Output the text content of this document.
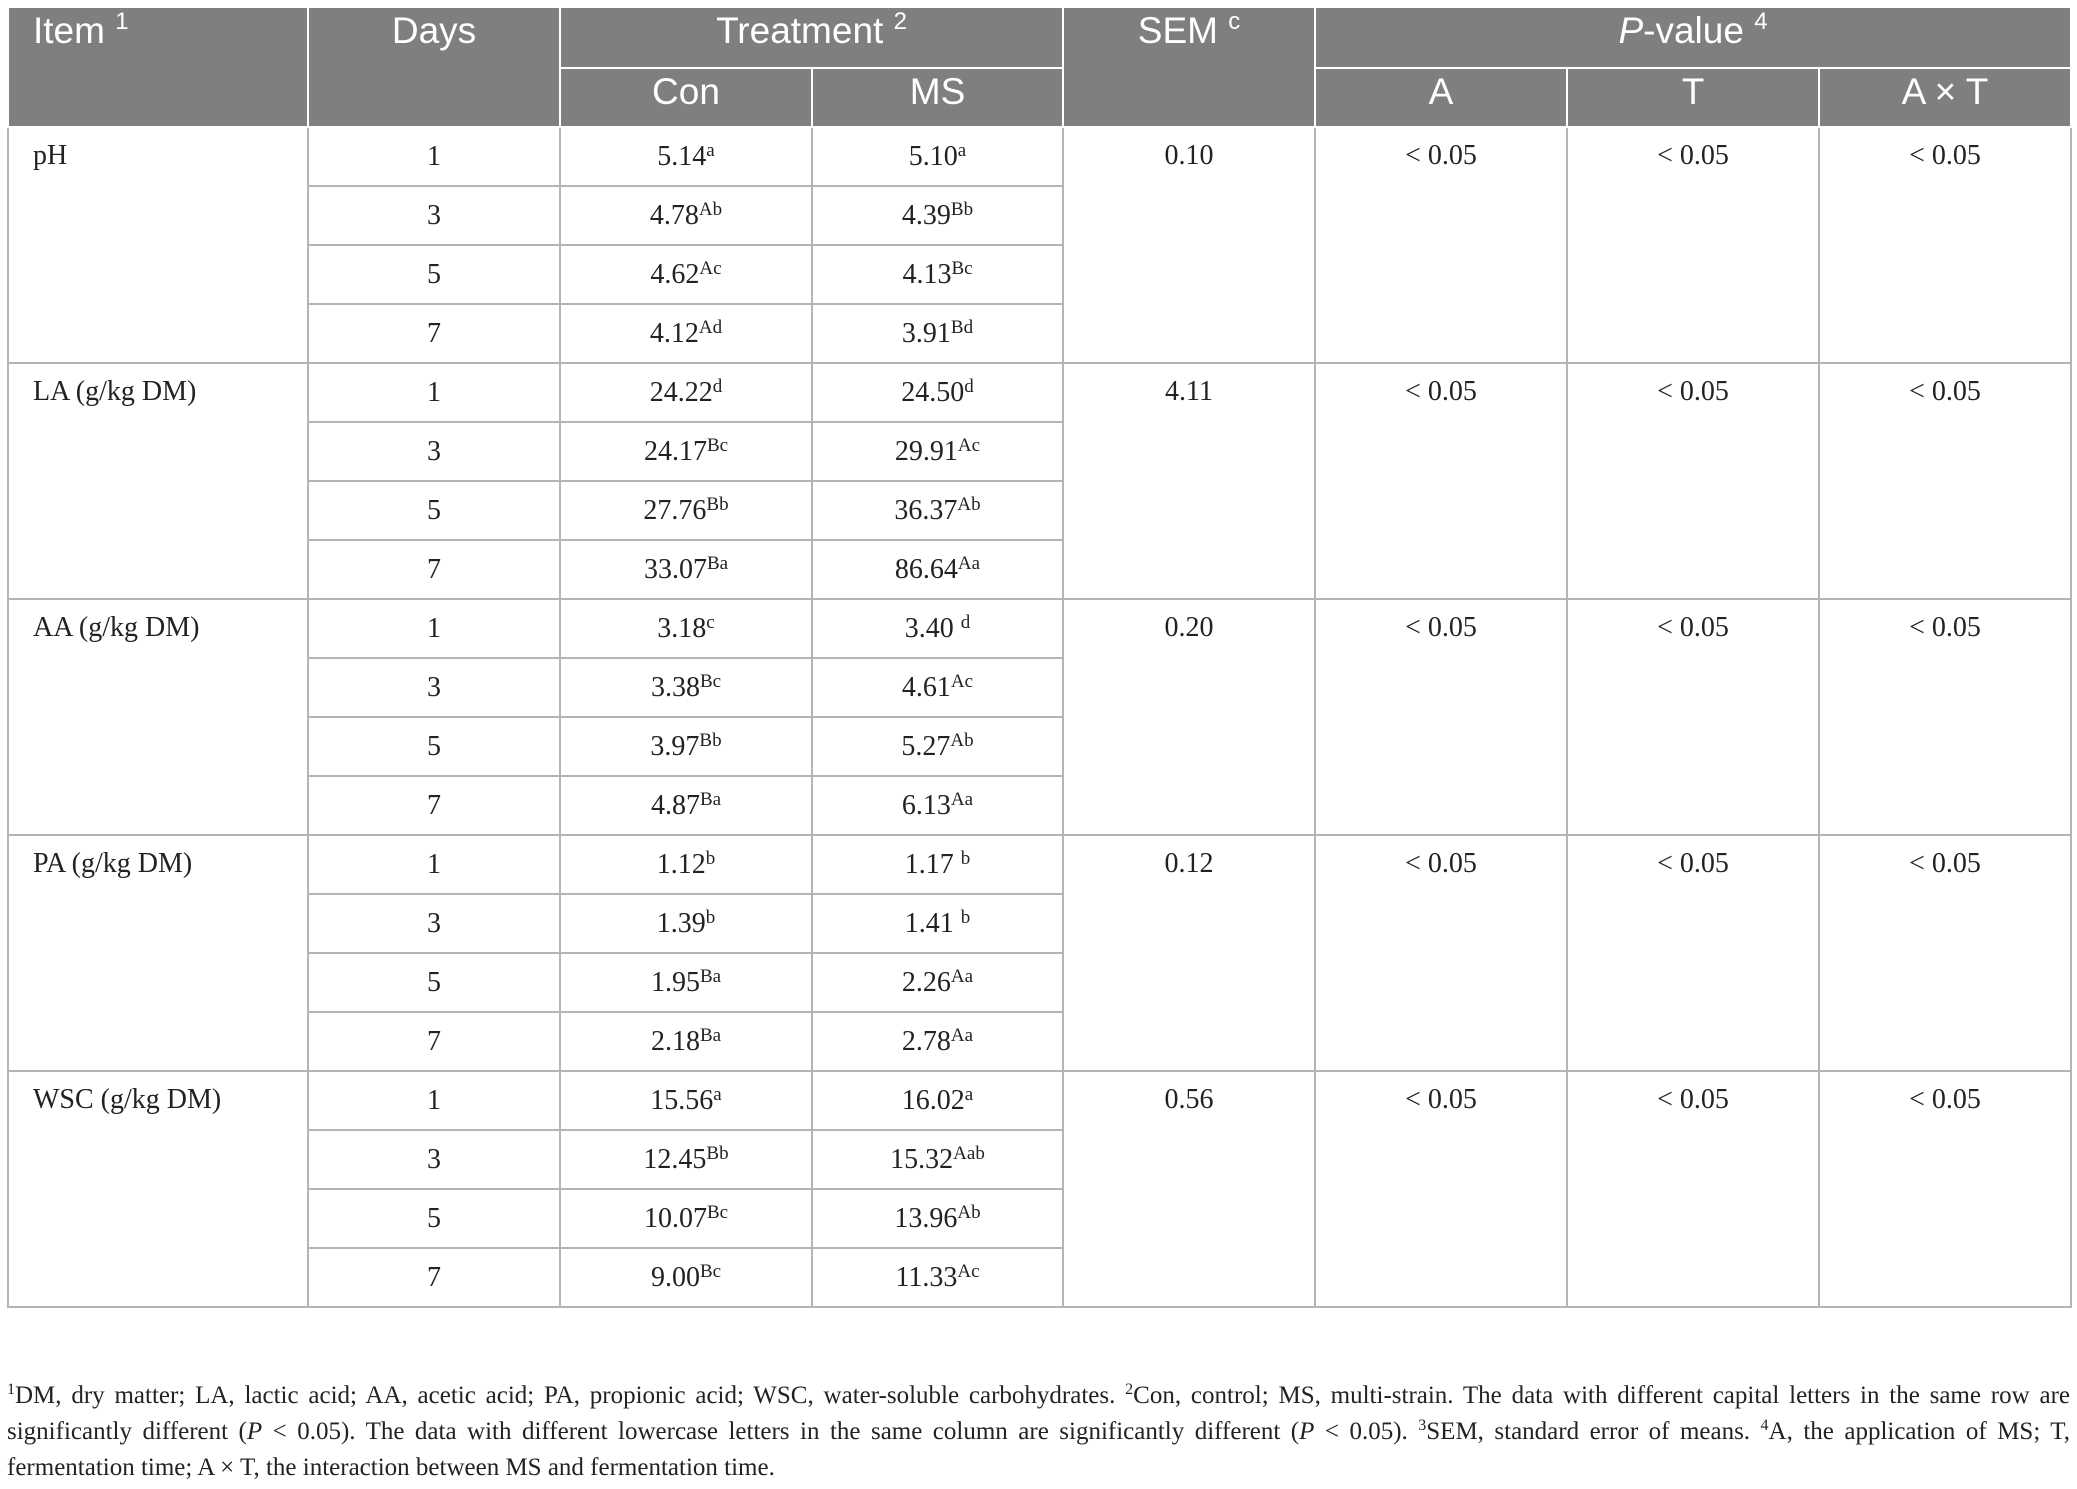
Item $^1$	Days	Treatment $^2$		SEM $^c$	P-value $^4$
		Con	MS		A	T	A × T
pH	1	5.14$^a$	5.10$^a$	0.10	< 0.05	< 0.05	< 0.05
	3	$4.78^{Ab}$	$4.39^{Bb}$
	5	$4.62^{Ac}$	$4.13^{Bc}$
	7	$4.12^{Ad}$	$3.91^{Bd}$
LA (g/kg DM)	1	24.22$^d$	24.50$^d$	4.11	< 0.05	< 0.05	< 0.05
	3	$24.17^{Bc}$	$29.91^{Ac}$
	5	$27.76^{Bb}$	$36.37^{Ab}$
	7	$33.07^{Ba}$	$86.64^{Aa}$
AA (g/kg DM)	1	3.18$^c$	3.40 $^d$	0.20	< 0.05	< 0.05	< 0.05
	3	$3.38^{Bc}$	$4.61^{Ac}$
	5	$3.97^{Bb}$	$5.27^{Ab}$
	7	$4.87^{Ba}$	$6.13^{Aa}$
PA (g/kg DM)	1	1.12$^b$	1.17 $^b$	0.12	< 0.05	< 0.05	< 0.05
	3	1.39$^b$	1.41 $^b$
	5	$1.95^{Ba}$	$2.26^{Aa}$
	7	$2.18^{Ba}$	$2.78^{Aa}$
WSC (g/kg DM)	1	15.56$^a$	16.02$^a$	0.56	< 0.05	< 0.05	< 0.05
	3	$12.45^{Bb}$	$15.32^{Aab}$
	5	$10.07^{Bc}$	$13.96^{Ab}$
	7	$9.00^{Bc}$	$11.33^{Ac}$
$^1$DM, dry matter; LA, lactic acid; AA, acetic acid; PA, propionic acid; WSC, water-soluble carbohydrates. $^2$Con, control; MS, multi-strain. The data with different capital letters in the same row are significantly different (P < 0.05). The data with different lowercase letters in the same column are significantly different (P < 0.05). $^3$SEM, standard error of means. $^4$A, the application of MS; T, fermentation time; A × T, the interaction between MS and fermentation time.
